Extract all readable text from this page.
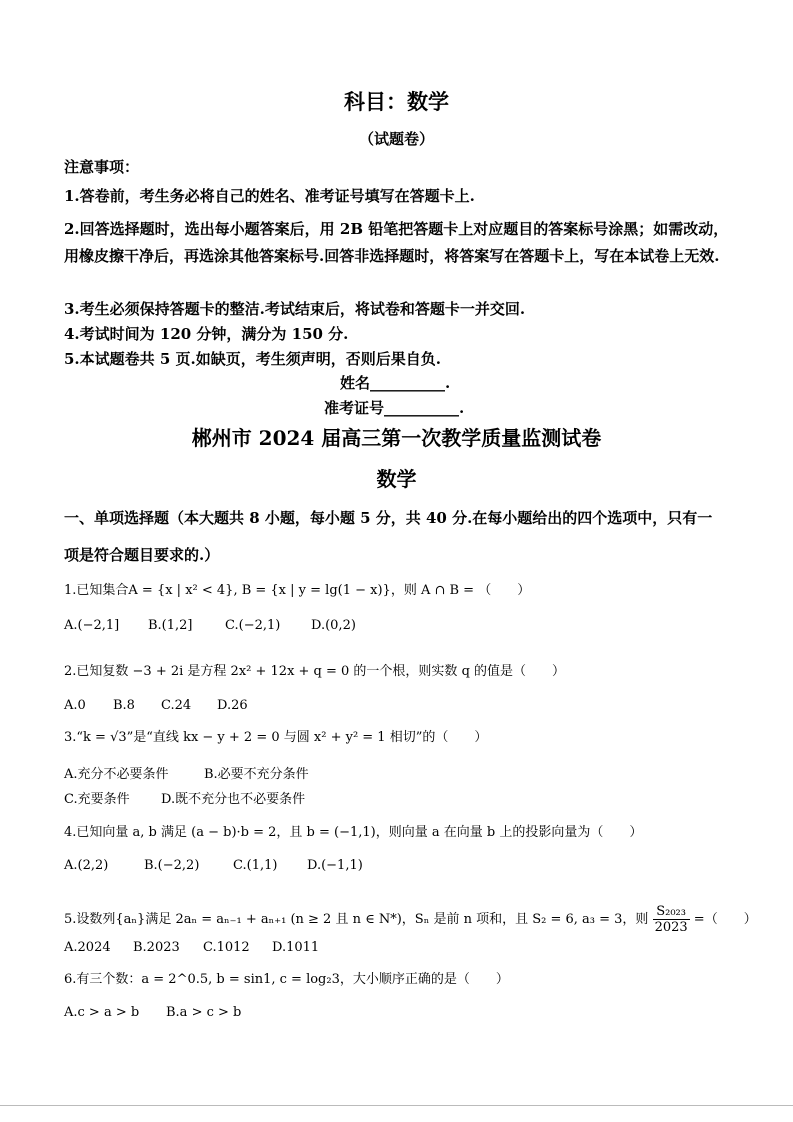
科目：数学
（试题卷）
注意事项：
1.答卷前，考生务必将自己的姓名、准考证号填写在答题卡上.
2.回答选择题时，选出每小题答案后，用 2B 铅笔把答题卡上对应题目的答案标号涂黑；如需改动，用橡皮擦干净后，再选涂其他答案标号.回答非选择题时，将答案写在答题卡上，写在本试卷上无效.
3.考生必须保持答题卡的整洁.考试结束后，将试卷和答题卡一并交回.
4.考试时间为 120 分钟，满分为 150 分.
5.本试题卷共 5 页.如缺页，考生须声明，否则后果自负.
姓名__________.
准考证号__________.
郴州市 2024 届高三第一次教学质量监测试卷
数学
一、单项选择题（本大题共 8 小题，每小题 5 分，共 40 分.在每小题给出的四个选项中，只有一
项是符合题目要求的.）
1.已知集合A = {x | x² < 4}, B = {x | y = lg(1 − x)}，则 A ∩ B = （　　）
A.(−2,1] B.(1,2] C.(−2,1) D.(0,2)
2.已知复数 −3 + 2i 是方程 2x² + 12x + q = 0 的一个根，则实数 q 的值是（　　）
A.0 B.8 C.24 D.26
3.“k = √3”是“直线 kx − y + 2 = 0 与圆 x² + y² = 1 相切”的（　　）
A.充分不必要条件	B.必要不充分条件
C.充要条件 D.既不充分也不必要条件
4.已知向量 a, b 满足 (a − b)·b = 2，且 b = (−1,1)，则向量 a 在向量 b 上的投影向量为（　　）
A.(2,2)	B.(−2,2)	C.(1,1) D.(−1,1)
5.设数列{aₙ}满足 2aₙ = aₙ₋₁ + aₙ₊₁ (n ≥ 2 且 n ∈ N*)，Sₙ 是前 n 项和，且 S₂ = 6, a₃ = 3，则 $\frac{\text{S₂₀₂₃}}{2023}$ =（　　）
A.2024 B.2023 C.1012 D.1011
6.有三个数：a = 2^0.5, b = sin1, c = log₂3，大小顺序正确的是（　　）
A.c > a > b B.a > c > b
